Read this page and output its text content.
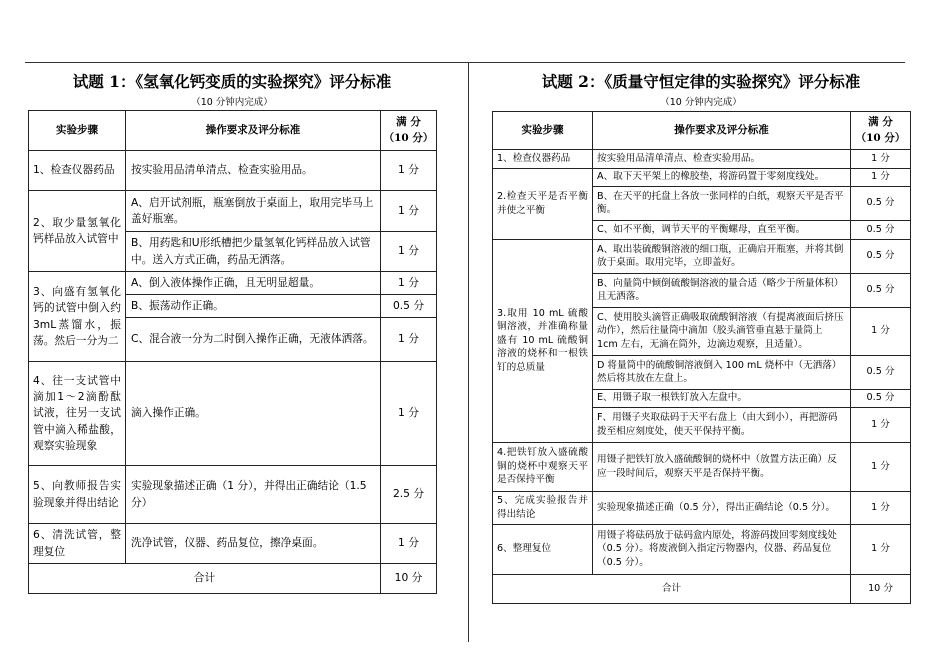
试题 1：《氢氧化钙变质的实验探究》评分标准
（10 分钟内完成）
实验步骤	操作要求及评分标准	满 分
（10 分）
1、检查仪器药品	按实验用品清单清点、检查实验用品。	1 分
2、取少量氢氧化钙样品放入试管中	A、启开试剂瓶，瓶塞倒放于桌面上，取用完毕马上盖好瓶塞。	1 分
	B、用药匙和U形纸槽把少量氢氧化钙样品放入试管中。送入方式正确，药品无洒落。	1 分
3、向盛有氢氧化钙的试管中倒入约3mL蒸馏水，振荡。然后一分为二	A、倒入液体操作正确，且无明显超量。	1 分
	B、振荡动作正确。	0.5 分
	C、混合液一分为二时倒入操作正确，无液体洒落。	1 分
4、往一支试管中滴加1～2滴酚酞试液，往另一支试管中滴入稀盐酸，观察实验现象	滴入操作正确。	1 分
5、向教师报告实验现象并得出结论	实验现象描述正确（1 分），并得出正确结论（1.5 分）	2.5 分
6、清洗试管，整理复位	洗净试管，仪器、药品复位，擦净桌面。	1 分
合计		10 分
试题 2：《质量守恒定律的实验探究》评分标准
（10 分钟内完成）
实验步骤	操作要求及评分标准	满 分
（10 分）
1、检查仪器药品	按实验用品清单清点、检查实验用品。	1 分
2.检查天平是否平衡并使之平衡	A、取下天平架上的橡胶垫，将游码置于零刻度线处。	1 分
	B、在天平的托盘上各放一张同样的白纸，观察天平是否平衡。	0.5 分
	C、如不平衡，调节天平的平衡螺母，直至平衡。	0.5 分
3.取用 10 mL 硫酸铜溶液，并准确称量盛有 10 mL 硫酸铜溶液的烧杯和一根铁钉的总质量	A、取出装硫酸铜溶液的细口瓶，正确启开瓶塞，并将其倒放于桌面。取用完毕，立即盖好。	0.5 分
	B、向量筒中倾倒硫酸铜溶液的量合适（略少于所量体积）且无洒落。	0.5 分
	C、使用胶头滴管正确吸取硫酸铜溶液（有提离液面后挤压动作），然后往量筒中滴加（胶头滴管垂直悬于量筒上 1cm 左右，无滴在筒外，边滴边观察，且适量）。	1 分
	D 将量筒中的硫酸铜溶液倒入 100 mL 烧杯中（无洒落）然后将其放在左盘上。	0.5 分
	E、用镊子取一根铁钉放入左盘中。	0.5 分
	F、用镊子夹取砝码于天平右盘上（由大到小），再把游码拨至相应刻度处，使天平保持平衡。	1 分
4.把铁钉放入盛硫酸铜的烧杯中观察天平是否保持平衡	用镊子把铁钉放入盛硫酸铜的烧杯中（放置方法正确）反应一段时间后，观察天平是否保持平衡。	1 分
5、完成实验报告并得出结论	实验现象描述正确（0.5 分），得出正确结论（0.5 分）。	1 分
6、整理复位	用镊子将砝码放于砝码盒内原处，将游码拨回零刻度线处（0.5 分）。将废液倒入指定污物器内，仪器、药品复位（0.5 分）。	1 分
合计		10 分
